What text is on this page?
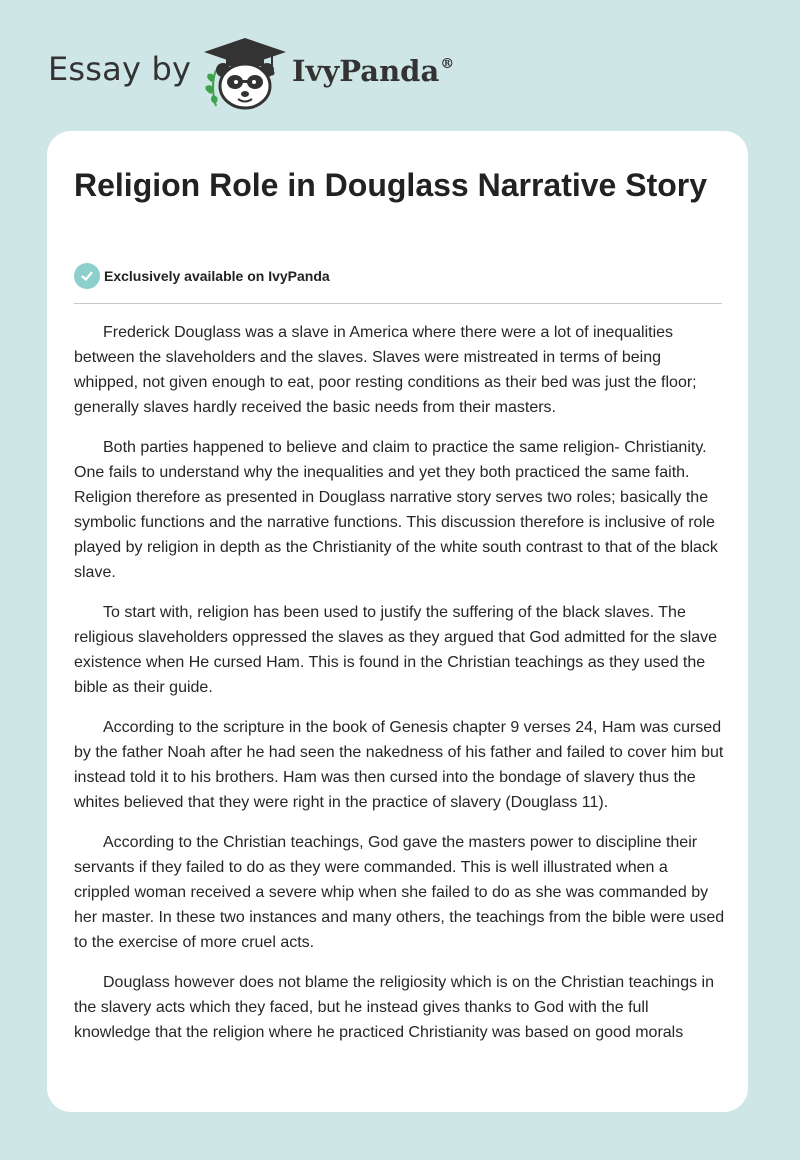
Essay by	IvyPanda®
Religion Role in Douglass Narrative Story
Exclusively available on IvyPanda

Frederick Douglass was a slave in America where there were a lot of inequalities between the slaveholders and the slaves. Slaves were mistreated in terms of being whipped, not given enough to eat, poor resting conditions as their bed was just the floor; generally slaves hardly received the basic needs from their masters.

Both parties happened to believe and claim to practice the same religion- Christianity. One fails to understand why the inequalities and yet they both practiced the same faith. Religion therefore as presented in Douglass narrative story serves two roles; basically the symbolic functions and the narrative functions. This discussion therefore is inclusive of role played by religion in depth as the Christianity of the white south contrast to that of the black slave.

To start with, religion has been used to justify the suffering of the black slaves. The religious slaveholders oppressed the slaves as they argued that God admitted for the slave existence when He cursed Ham. This is found in the Christian teachings as they used the bible as their guide.

According to the scripture in the book of Genesis chapter 9 verses 24, Ham was cursed by the father Noah after he had seen the nakedness of his father and failed to cover him but instead told it to his brothers. Ham was then cursed into the bondage of slavery thus the whites believed that they were right in the practice of slavery (Douglass 11).

According to the Christian teachings, God gave the masters power to discipline their servants if they failed to do as they were commanded. This is well illustrated when a crippled woman received a severe whip when she failed to do as she was commanded by her master. In these two instances and many others, the teachings from the bible were used to the exercise of more cruel acts.

Douglass however does not blame the religiosity which is on the Christian teachings in the slavery acts which they faced, but he instead gives thanks to God with the full knowledge that the religion where he practiced Christianity was based on good morals
